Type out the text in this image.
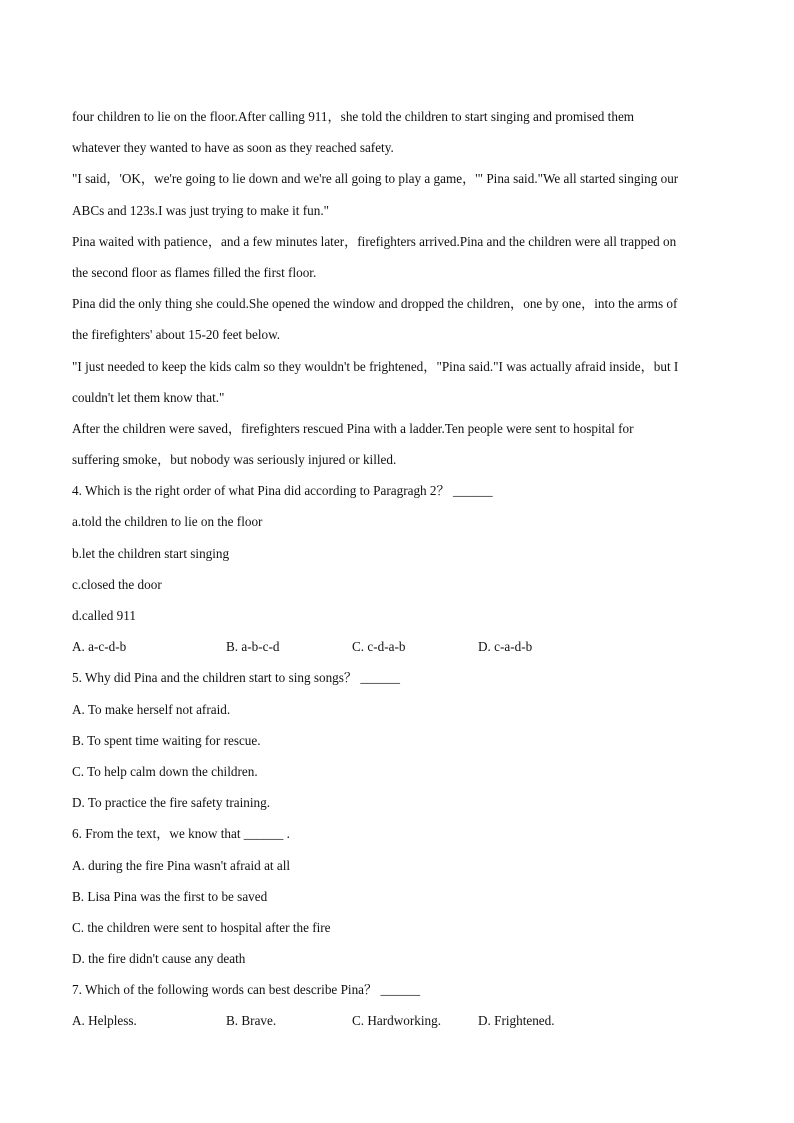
four children to lie on the floor.After calling 911，she told the children to start singing and promised them
whatever they wanted to have as soon as they reached safety.
"I said，'OK，we're going to lie down and we're all going to play a game，'" Pina said."We all started singing our
ABCs and 123s.I was just trying to make it fun."
Pina waited with patience，and a few minutes later，firefighters arrived.Pina and the children were all trapped on
the second floor as flames filled the first floor.
Pina did the only thing she could.She opened the window and dropped the children，one by one，into the arms of
the firefighters' about 15-20 feet below.
"I just needed to keep the kids calm so they wouldn't be frightened，"Pina said."I was actually afraid inside，but I
couldn't let them know that."
After the children were saved，firefighters rescued Pina with a ladder.Ten people were sent to hospital for
suffering smoke，but nobody was seriously injured or killed.
4. Which is the right order of what Pina did according to Paragragh 2？ ______
a.told the children to lie on the floor
b.let the children start singing
c.closed the door
d.called 911
A. a-c-d-b	B. a-b-c-d	C. c-d-a-b	D. c-a-d-b
5. Why did Pina and the children start to sing songs？ ______
A. To make herself not afraid.
B. To spent time waiting for rescue.
C. To help calm down the children.
D. To practice the fire safety training.
6. From the text，we know that ______ .
A. during the fire Pina wasn't afraid at all
B. Lisa Pina was the first to be saved
C. the children were sent to hospital after the fire
D. the fire didn't cause any death
7. Which of the following words can best describe Pina？ ______
A. Helpless.	B. Brave.	C. Hardworking.	D. Frightened.
